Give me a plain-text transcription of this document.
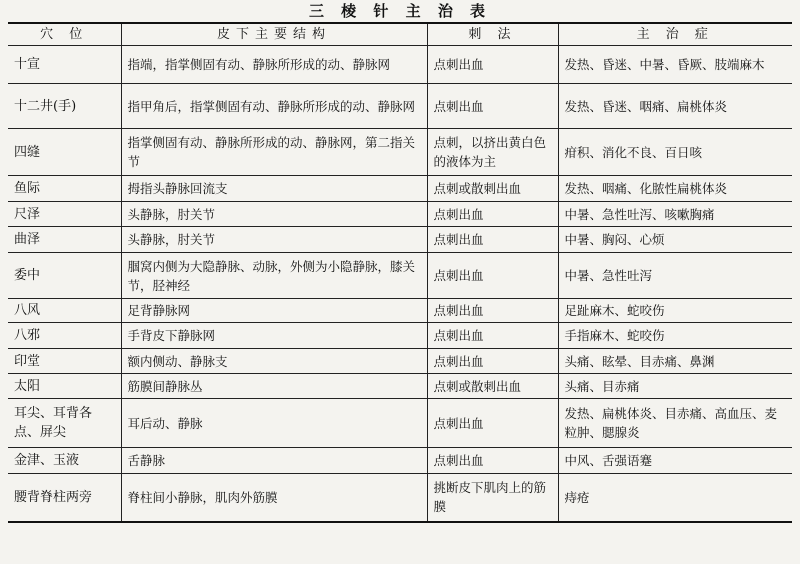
三 棱 针 主 治 表
穴 位	皮下主要结构	刺 法	主 治 症
十宣	指端，指掌侧固有动、静脉所形成的动、静脉网	点刺出血	发热、昏迷、中暑、昏厥、肢端麻木
十二井(手)	指甲角后，指掌侧固有动、静脉所形成的动、静脉网	点刺出血	发热、昏迷、咽痛、扁桃体炎
四缝	指掌侧固有动、静脉所形成的动、静脉网，第二指关节	点刺，以挤出黄白色的液体为主	疳积、消化不良、百日咳
鱼际	拇指头静脉回流支	点刺或散刺出血	发热、咽痛、化脓性扁桃体炎
尺泽	头静脉，肘关节	点刺出血	中暑、急性吐泻、咳嗽胸痛
曲泽	头静脉，肘关节	点刺出血	中暑、胸闷、心烦
委中	腘窝内侧为大隐静脉、动脉，外侧为小隐静脉，膝关节，胫神经	点刺出血	中暑、急性吐泻
八风	足背静脉网	点刺出血	足趾麻木、蛇咬伤
八邪	手背皮下静脉网	点刺出血	手指麻木、蛇咬伤
印堂	额内侧动、静脉支	点刺出血	头痛、眩晕、目赤痛、鼻渊
太阳	筋膜间静脉丛	点刺或散刺出血	头痛、目赤痛
耳尖、耳背各点、屏尖	耳后动、静脉	点刺出血	发热、扁桃体炎、目赤痛、高血压、麦粒肿、腮腺炎
金津、玉液	舌静脉	点刺出血	中风、舌强语蹇
腰背脊柱两旁	脊柱间小静脉，肌肉外筋膜	挑断皮下肌肉上的筋膜	痔疮
